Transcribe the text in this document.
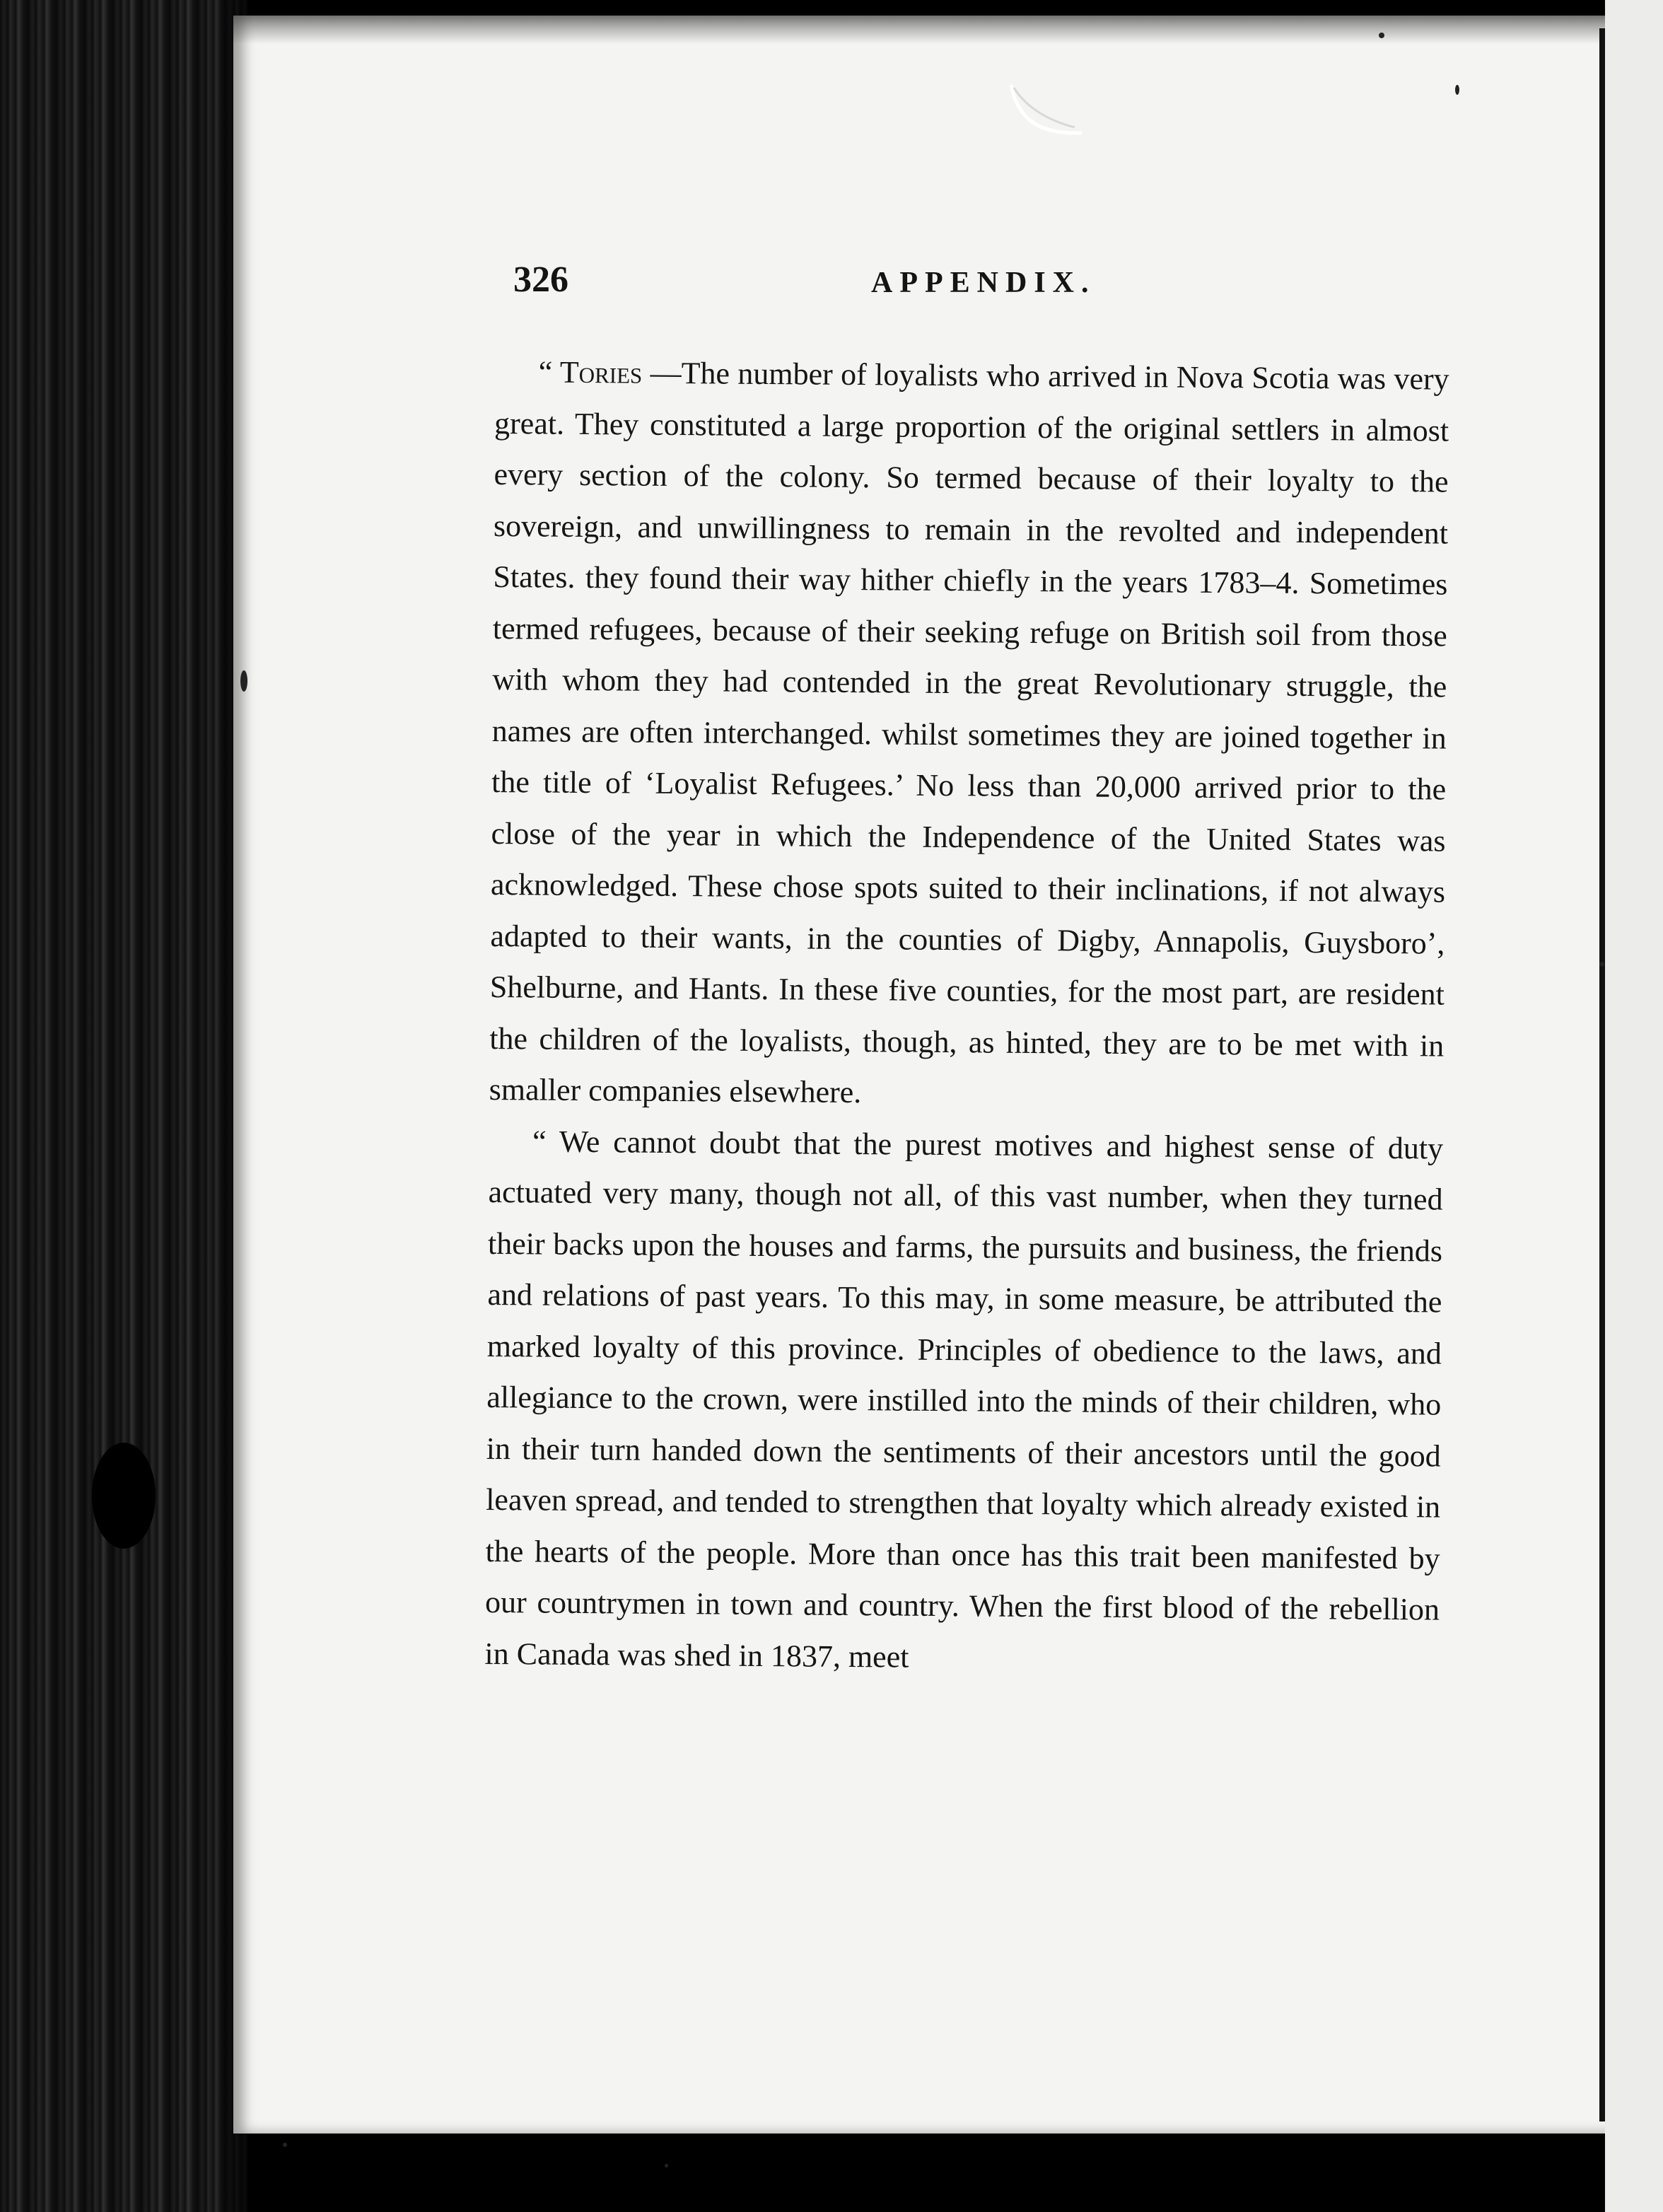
326	APPENDIX.

“ Tories —The number of loyalists who arrived in Nova Scotia was very great. They constituted a large proportion of the original settlers in almost every section of the colony. So termed because of their loyalty to the sovereign, and unwillingness to remain in the revolted and independent States. they found their way hither chiefly in the years 1783–4. Sometimes termed refugees, because of their seeking refuge on British soil from those with whom they had contended in the great Revolutionary struggle, the names are often interchanged. whilst sometimes they are joined together in the title of ‘Loyalist Refugees.’ No less than 20,000 arrived prior to the close of the year in which the Independence of the United States was acknowledged. These chose spots suited to their inclinations, if not always adapted to their wants, in the counties of Digby, Annapolis, Guysboro’, Shelburne, and Hants. In these five counties, for the most part, are resident the children of the loyalists, though, as hinted, they are to be met with in smaller companies elsewhere.

“ We cannot doubt that the purest motives and highest sense of duty actuated very many, though not all, of this vast number, when they turned their backs upon the houses and farms, the pursuits and business, the friends and relations of past years. To this may, in some measure, be attributed the marked loyalty of this province. Principles of obedience to the laws, and allegiance to the crown, were instilled into the minds of their children, who in their turn handed down the sentiments of their ancestors until the good leaven spread, and tended to strengthen that loyalty which already existed in the hearts of the people. More than once has this trait been manifested by our countrymen in town and country. When the first blood of the rebellion in Canada was shed in 1837, meet
